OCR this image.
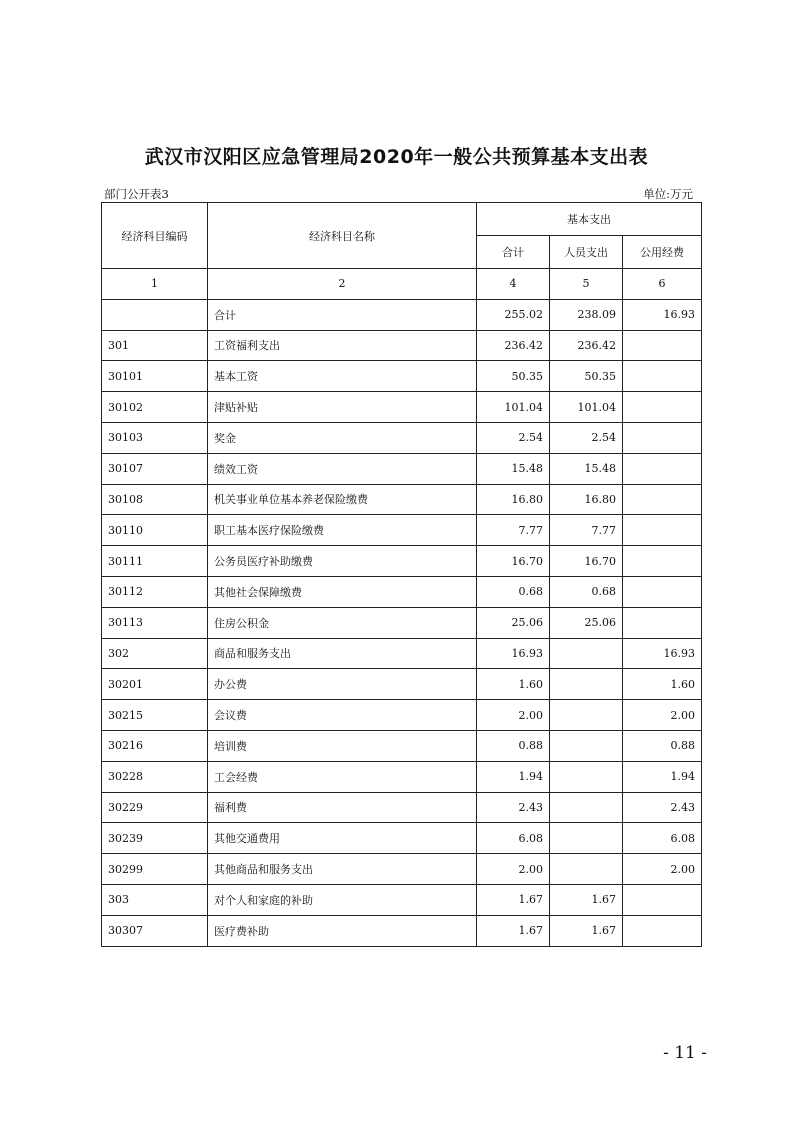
武汉市汉阳区应急管理局2020年一般公共预算基本支出表
部门公开表3	单位:万元
经济科目编码	经济科目名称	基本支出		
		合计	人员支出	公用经费
1	2	4	5	6
	合计	255.02	238.09	16.93
301	工资福利支出	236.42	236.42	
30101	基本工资	50.35	50.35	
30102	津贴补贴	101.04	101.04	
30103	奖金	2.54	2.54	
30107	绩效工资	15.48	15.48	
30108	机关事业单位基本养老保险缴费	16.80	16.80	
30110	职工基本医疗保险缴费	7.77	7.77	
30111	公务员医疗补助缴费	16.70	16.70	
30112	其他社会保障缴费	0.68	0.68	
30113	住房公积金	25.06	25.06	
302	商品和服务支出	16.93		16.93
30201	办公费	1.60		1.60
30215	会议费	2.00		2.00
30216	培训费	0.88		0.88
30228	工会经费	1.94		1.94
30229	福利费	2.43		2.43
30239	其他交通费用	6.08		6.08
30299	其他商品和服务支出	2.00		2.00
303	对个人和家庭的补助	1.67	1.67	
30307	医疗费补助	1.67	1.67	
- 11 -
